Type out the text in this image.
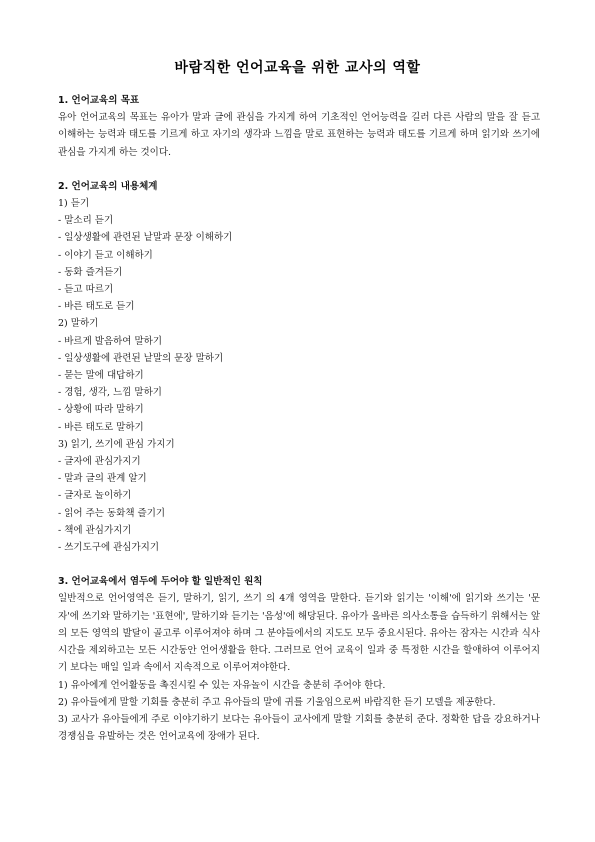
바람직한 언어교육을 위한 교사의 역할
1. 언어교육의 목표
유아 언어교육의 목표는 유아가 말과 글에 관심을 가지게 하여 기초적인 언어능력을 길러 다른 사람의 말을 잘 듣고 이해하는 능력과 태도를 기르게 하고 자기의 생각과 느낌을 말로 표현하는 능력과 태도를 기르게 하며 읽기와 쓰기에 관심을 가지게 하는 것이다.
2. 언어교육의 내용체계
1) 듣기
- 말소리 듣기
- 일상생활에 관련된 낱말과 문장 이해하기
- 이야기 듣고 이해하기
- 동화 즐겨듣기
- 듣고 따르기
- 바른 태도로 듣기
2) 말하기
- 바르게 발음하여 말하기
- 일상생활에 관련된 낱말의 문장 말하기
- 묻는 말에 대답하기
- 경험, 생각, 느낌 말하기
- 상황에 따라 말하기
- 바른 태도로 말하기
3) 읽기, 쓰기에 관심 가지기
- 글자에 관심가지기
- 말과 글의 관계 알기
- 글자로 놀이하기
- 읽어 주는 동화책 즐기기
- 책에 관심가지기
- 쓰기도구에 관심가지기
3. 언어교육에서 염두에 두어야 할 일반적인 원칙
일반적으로 언어영역은 듣기, 말하기, 읽기, 쓰기 의 4개 영역을 말한다. 듣기와 읽기는 '이해'에 읽기와 쓰기는 '문자'에 쓰기와 말하기는 '표현에', 말하기와 듣기는 '음성'에 해당된다. 유아가 올바른 의사소통을 습득하기 위해서는 앞의 모든 영역의 발달이 골고루 이루어져야 하며 그 분야들에서의 지도도 모두 중요시된다. 유아는 잠자는 시간과 식사 시간을 제외하고는 모든 시간동안 언어생활을 한다. 그러므로 언어 교육이 일과 중 특정한 시간을 할애하여 이루어지기 보다는 매일 일과 속에서 지속적으로 이루어져야한다.
1) 유아에게 언어활동을 촉진시킬 수 있는 자유놀이 시간을 충분히 주어야 한다.
2) 유아들에게 말할 기회를 충분히 주고 유아들의 말에 귀를 기울임으로써 바람직한 듣기 모델을 제공한다.
3) 교사가 유아들에게 주로 이야기하기 보다는 유아들이 교사에게 말할 기회를 충분히 준다. 정확한 답을 강요하거나 경쟁심을 유발하는 것은 언어교육에 장애가 된다.
